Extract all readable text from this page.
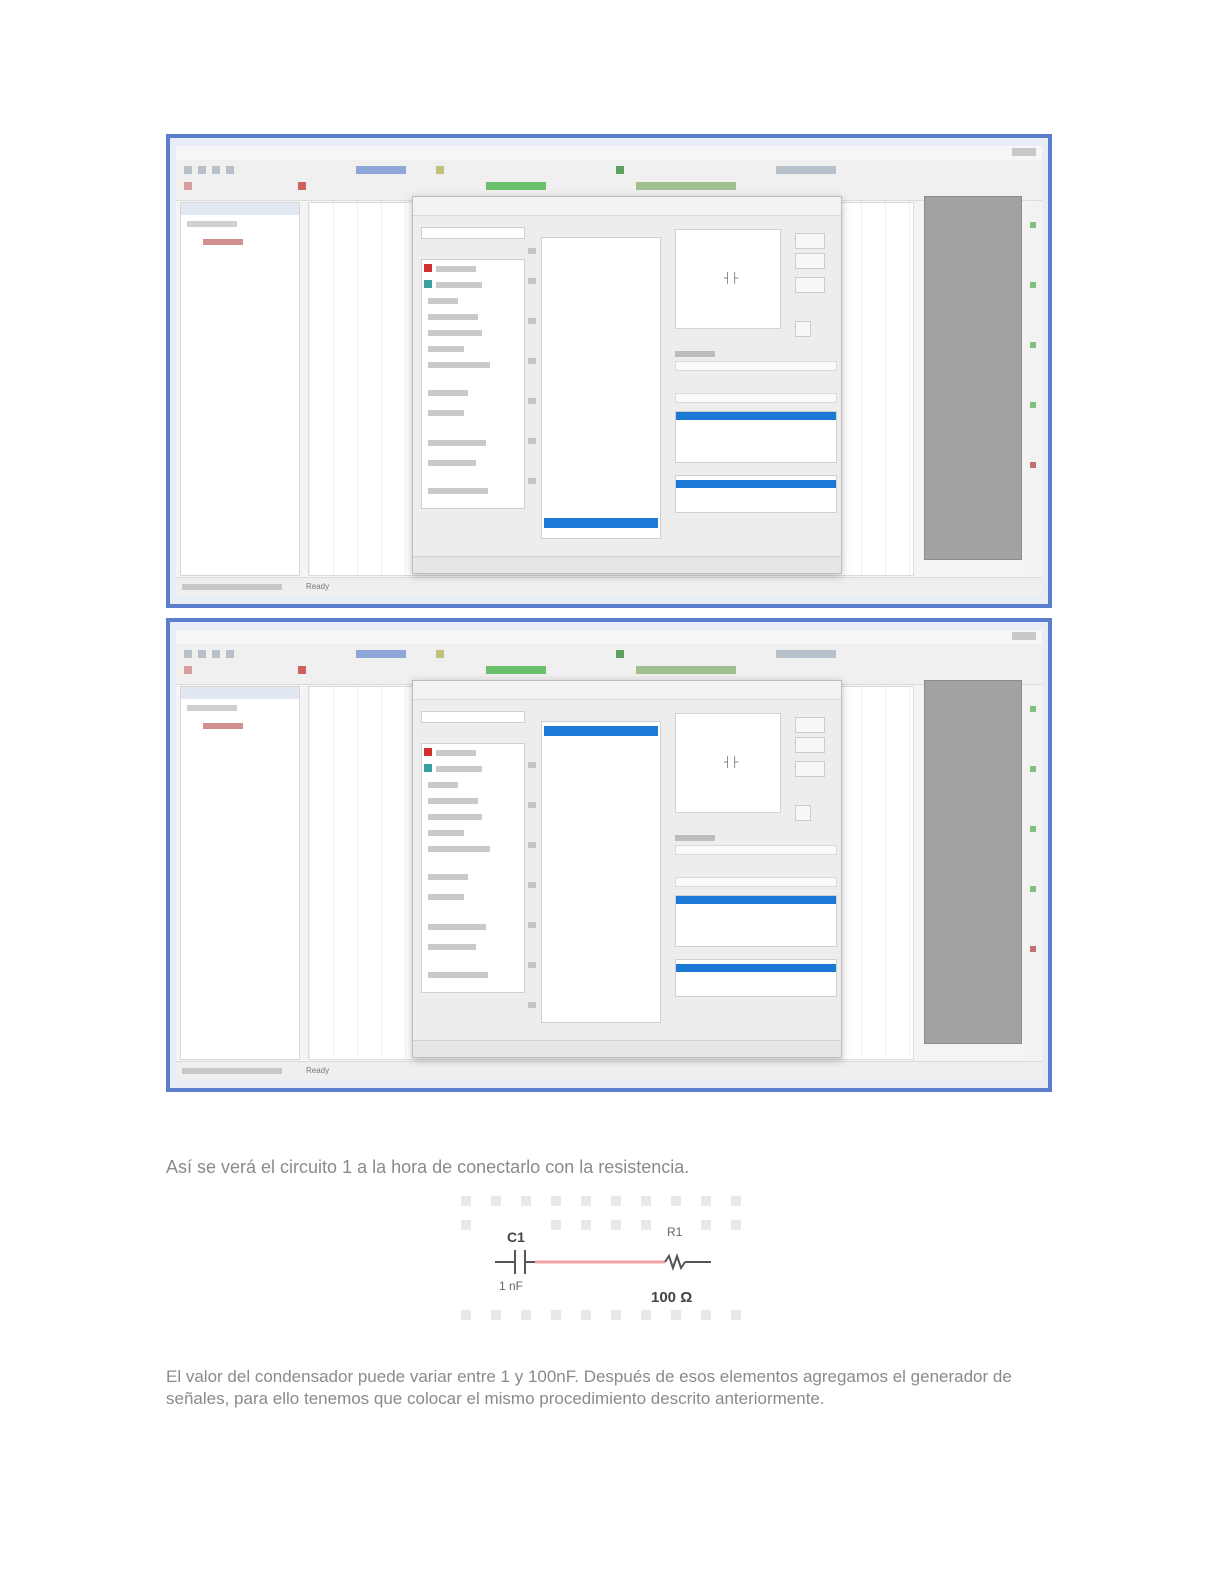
Ready
┤├
Ready
┤├
Así se verá el circuito 1 a la hora de conectarlo con la resistencia.
C1	R1
1 nF
100 Ω
El valor del condensador puede variar entre 1 y 100nF. Después de esos elementos agregamos el generador de señales, para ello tenemos que colocar el mismo procedimiento descrito anteriormente.
